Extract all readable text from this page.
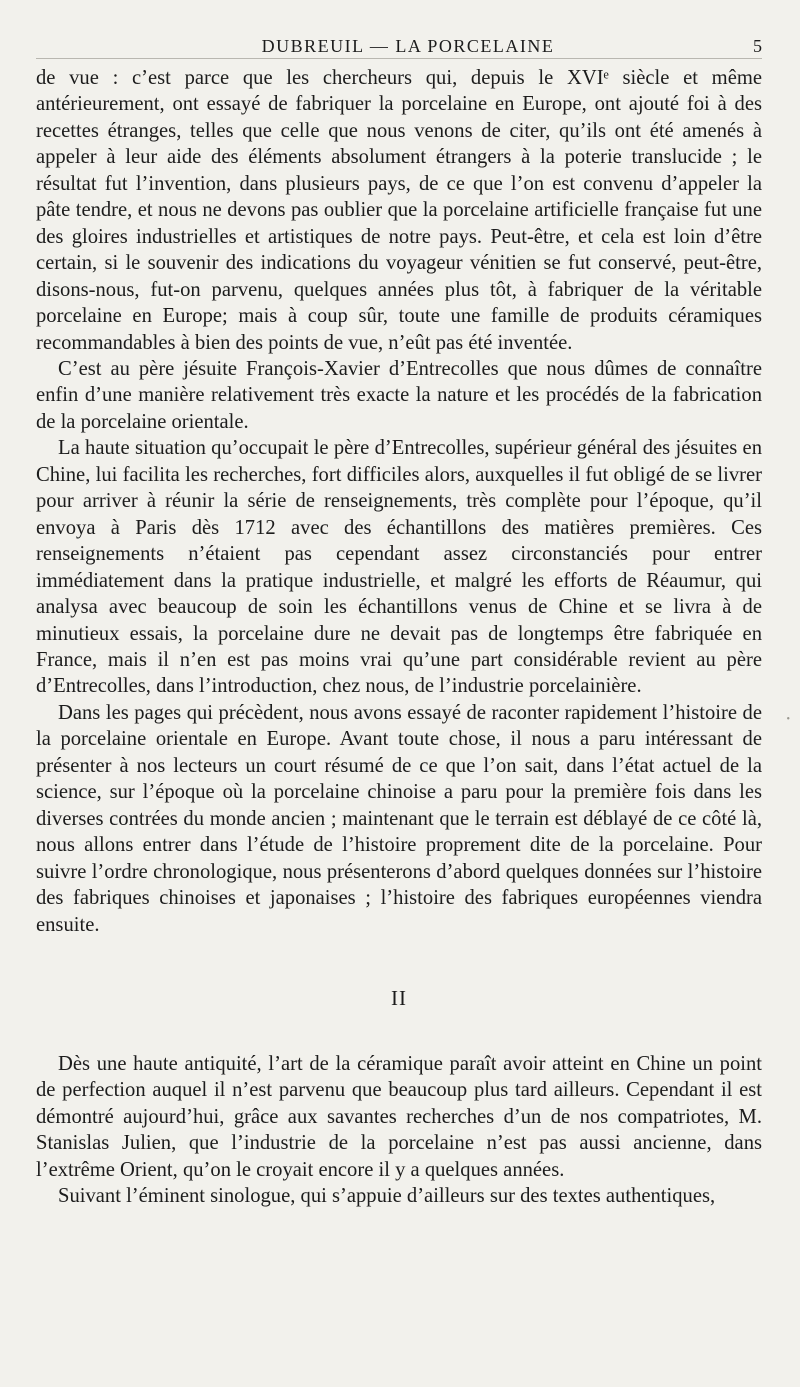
DUBREUIL — LA PORCELAINE	5

de vue : c’est parce que les chercheurs qui, depuis le XVIᵉ siècle et même antérieurement, ont essayé de fabriquer la porcelaine en Europe, ont ajouté foi à des recettes étranges, telles que celle que nous venons de citer, qu’ils ont été amenés à appeler à leur aide des éléments absolument étrangers à la poterie translucide ; le résultat fut l’invention, dans plusieurs pays, de ce que l’on est convenu d’appeler la pâte tendre, et nous ne devons pas oublier que la porcelaine artificielle française fut une des gloires industrielles et artistiques de notre pays. Peut-être, et cela est loin d’être certain, si le souvenir des indications du voyageur vénitien se fut conservé, peut-être, disons-nous, fut-on parvenu, quelques années plus tôt, à fabriquer de la véritable porcelaine en Europe; mais à coup sûr, toute une famille de produits céramiques recommandables à bien des points de vue, n’eût pas été inventée.

C’est au père jésuite François-Xavier d’Entrecolles que nous dûmes de connaître enfin d’une manière relativement très exacte la nature et les procédés de la fabrication de la porcelaine orientale.

La haute situation qu’occupait le père d’Entrecolles, supérieur général des jésuites en Chine, lui facilita les recherches, fort difficiles alors, auxquelles il fut obligé de se livrer pour arriver à réunir la série de renseignements, très complète pour l’époque, qu’il envoya à Paris dès 1712 avec des échantillons des matières premières. Ces renseignements n’étaient pas cependant assez circonstanciés pour entrer immédiatement dans la pratique industrielle, et malgré les efforts de Réaumur, qui analysa avec beaucoup de soin les échantillons venus de Chine et se livra à de minutieux essais, la porcelaine dure ne devait pas de longtemps être fabriquée en France, mais il n’en est pas moins vrai qu’une part considérable revient au père d’Entrecolles, dans l’introduction, chez nous, de l’industrie porcelainière.

Dans les pages qui précèdent, nous avons essayé de raconter rapidement l’histoire de la porcelaine orientale en Europe. Avant toute chose, il nous a paru intéressant de présenter à nos lecteurs un court résumé de ce que l’on sait, dans l’état actuel de la science, sur l’époque où la porcelaine chinoise a paru pour la première fois dans les diverses contrées du monde ancien ; maintenant que le terrain est déblayé de ce côté là, nous allons entrer dans l’étude de l’histoire proprement dite de la porcelaine. Pour suivre l’ordre chronologique, nous présenterons d’abord quelques données sur l’histoire des fabriques chinoises et japonaises ; l’histoire des fabriques européennes viendra ensuite.

II

Dès une haute antiquité, l’art de la céramique paraît avoir atteint en Chine un point de perfection auquel il n’est parvenu que beaucoup plus tard ailleurs. Cependant il est démontré aujourd’hui, grâce aux savantes recherches d’un de nos compatriotes, M. Stanislas Julien, que l’industrie de la porcelaine n’est pas aussi ancienne, dans l’extrême Orient, qu’on le croyait encore il y a quelques années.

Suivant l’éminent sinologue, qui s’appuie d’ailleurs sur des textes authentiques,

•
